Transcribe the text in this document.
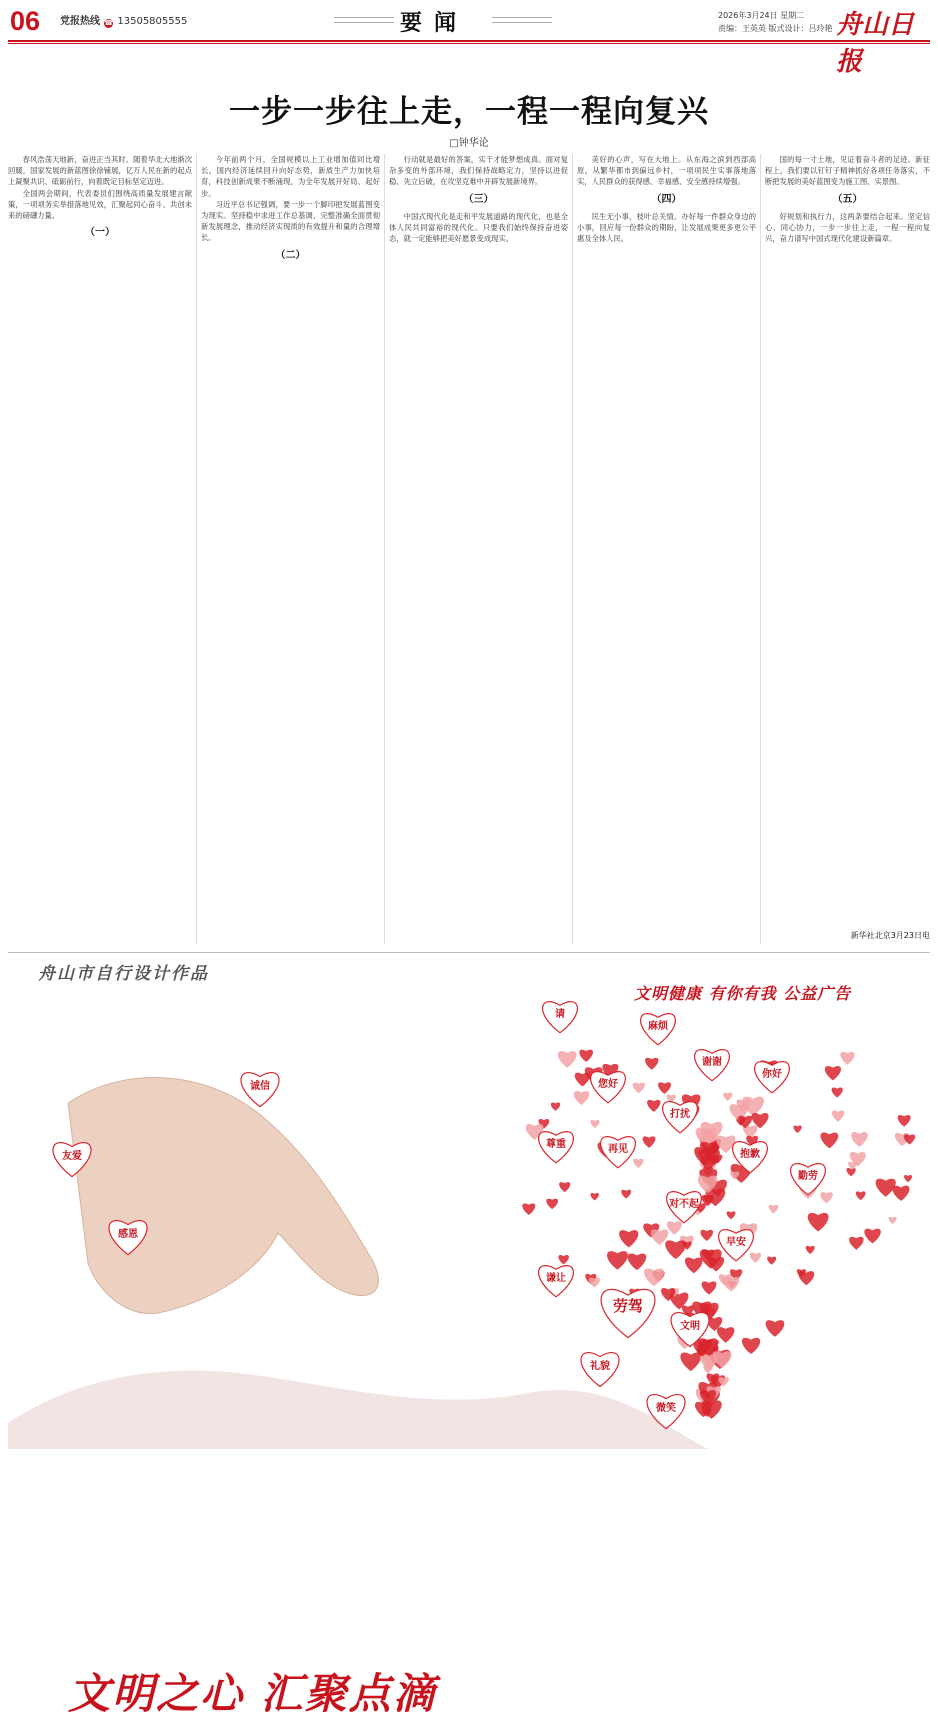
06 党报热线 ☎ 13505805555	要闻	2026年3月24日 星期二
责编：王英英 版式设计：吕玲艳 舟山日报
一步一步往上走，一程一程向复兴
□钟华论

春风浩荡天地新，奋进正当其时。随着华北大地渐次回暖，国家发展的新蓝图徐徐铺展，亿万人民在新的起点上凝聚共识、砥砺前行，向着既定目标坚定迈进。

全国两会期间，代表委员们围绕高质量发展建言献策，一项项务实举措落地见效，汇聚起同心奋斗、共创未来的磅礴力量。

（一）

今年前两个月，全国规模以上工业增加值同比增长，国内经济延续回升向好态势，新质生产力加快培育，科技创新成果不断涌现，为全年发展开好局、起好步。

习近平总书记强调，要一步一个脚印把发展蓝图变为现实。坚持稳中求进工作总基调，完整准确全面贯彻新发展理念，推动经济实现质的有效提升和量的合理增长。

（二）

行动就是最好的答案，实干才能梦想成真。面对复杂多变的外部环境，我们保持战略定力，坚持以进促稳、先立后破，在攻坚克难中开辟发展新境界。

（三）

中国式现代化是走和平发展道路的现代化，也是全体人民共同富裕的现代化。只要我们始终保持奋进姿态，就一定能够把美好愿景变成现实。

美好的心声，写在大地上。从东海之滨到西部高原，从繁华都市到偏远乡村，一项项民生实事落地落实，人民群众的获得感、幸福感、安全感持续增强。

（四）

民生无小事，枝叶总关情。办好每一件群众身边的小事，回应每一份群众的期盼，让发展成果更多更公平惠及全体人民。

国的每一寸土地，见证着奋斗者的足迹。新征程上，我们要以钉钉子精神抓好各项任务落实，不断把发展的美好蓝图变为施工图、实景图。

（五）

好规划和执行力，这两条要结合起来。坚定信心、同心协力，一步一步往上走，一程一程向复兴，奋力谱写中国式现代化建设新篇章。

新华社北京3月23日电
舟山市自行设计作品
文明健康 有你有我 公益广告
请
麻烦
谢谢
您好
打扰
你好
尊重	再见	抱歉
勤劳
对不起
早安
谦让
劳驾
文明
礼貌
微笑
诚信
友爱
感恩
文明之心 汇聚点滴
